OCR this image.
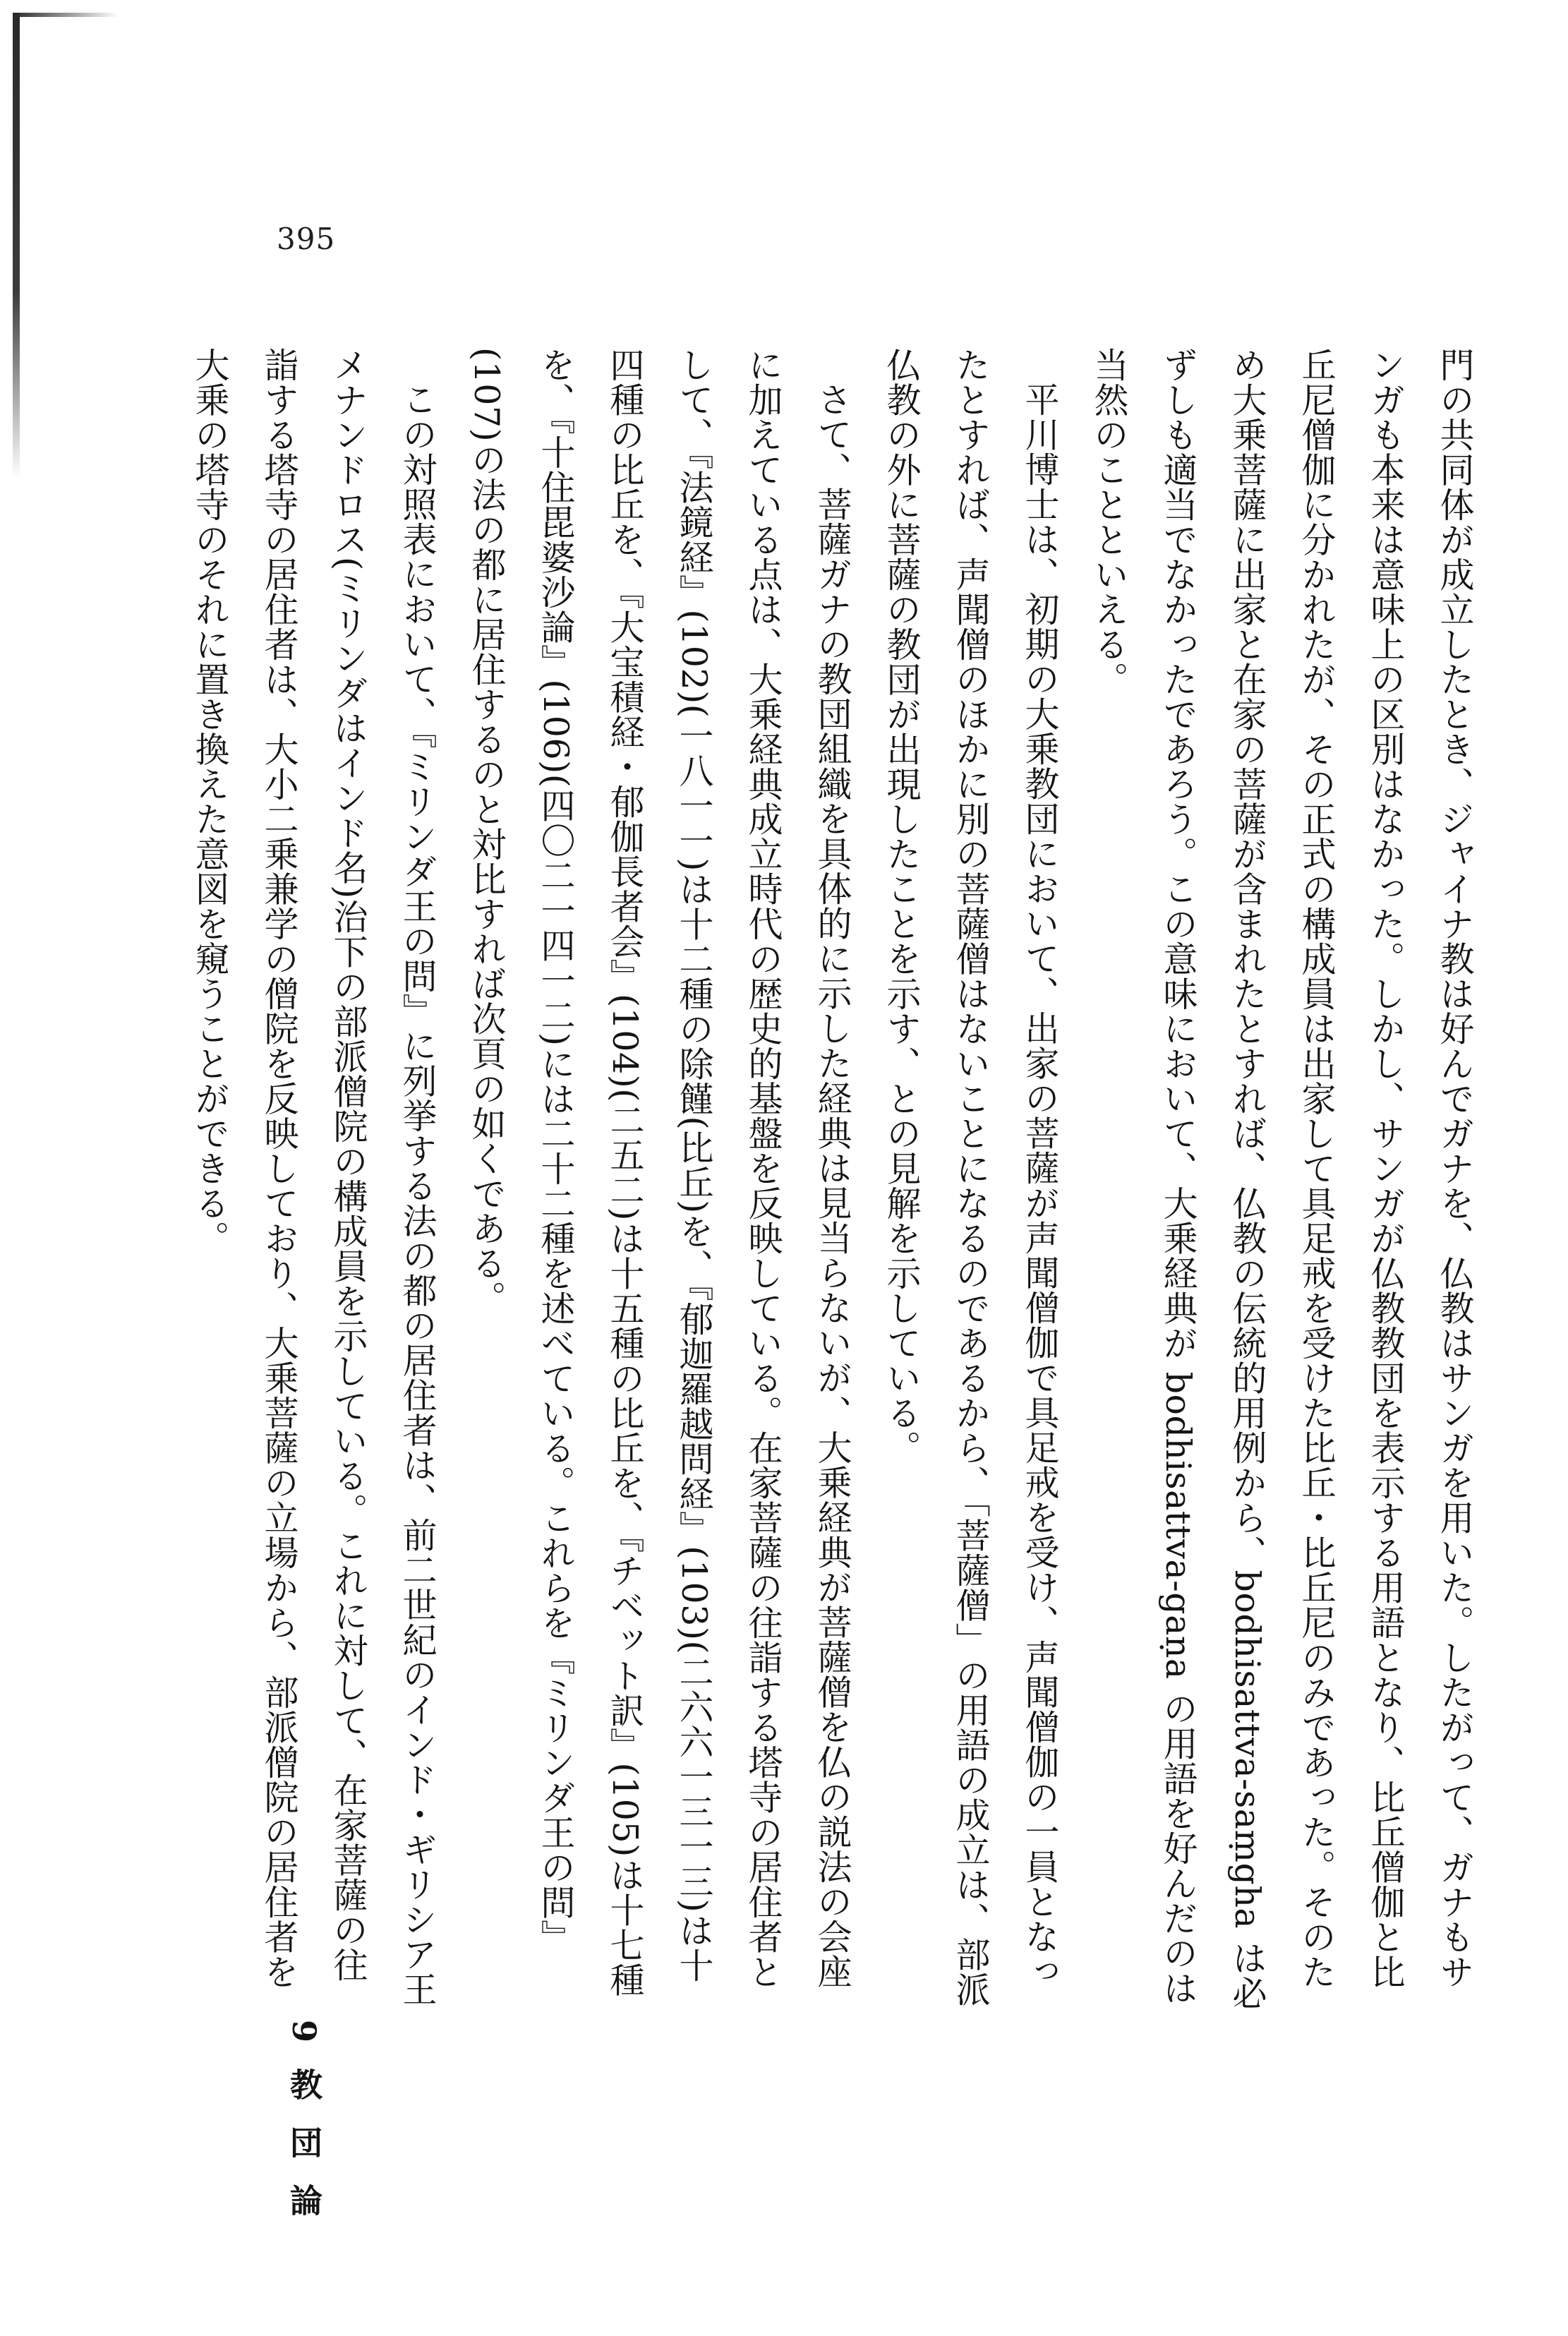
395

門の共同体が成立したとき、ジャイナ教は好んでガナを、仏教はサンガを用いた。したがって、ガナもサンガも本来は意味上の区別はなかった。しかし、サンガが仏教教団を表示する用語となり、比丘僧伽と比丘尼僧伽に分かれたが、その正式の構成員は出家して具足戒を受けた比丘・比丘尼のみであった。そのため大乗菩薩に出家と在家の菩薩が含まれたとすれば、仏教の伝統的用例から、bodhisattva-saṃgha は必ずしも適当でなかったであろう。この意味において、大乗経典が bodhisattva-gaṇa の用語を好んだのは当然のことといえる。

平川博士は、初期の大乗教団において、出家の菩薩が声聞僧伽で具足戒を受け、声聞僧伽の一員となったとすれば、声聞僧のほかに別の菩薩僧はないことになるのであるから、「菩薩僧」の用語の成立は、部派仏教の外に菩薩の教団が出現したことを示す、との見解を示している。

さて、菩薩ガナの教団組織を具体的に示した経典は見当らないが、大乗経典が菩薩僧を仏の説法の会座に加えている点は、大乗経典成立時代の歴史的基盤を反映している。在家菩薩の往詣する塔寺の居住者として、『法鏡経』(102)(一八一一)は十二種の除饉(比丘)を、『郁迦羅越問経』(103)(二六六一三一三)は十四種の比丘を、『大宝積経・郁伽長者会』(104)(二五二)は十五種の比丘を、『チベット訳』(105)は十七種を、『十住毘婆沙論』(106)(四〇二一四一二)には二十二種を述べている。これらを『ミリンダ王の問』(107)の法の都に居住するのと対比すれば次頁の如くである。

この対照表において、『ミリンダ王の問』に列挙する法の都の居住者は、前二世紀のインド・ギリシア王メナンドロス(ミリンダはインド名)治下の部派僧院の構成員を示している。これに対して、在家菩薩の往詣する塔寺の居住者は、大小二乗兼学の僧院を反映しており、大乗菩薩の立場から、部派僧院の居住者を大乗の塔寺のそれに置き換えた意図を窺うことができる。

9 教 団 論
